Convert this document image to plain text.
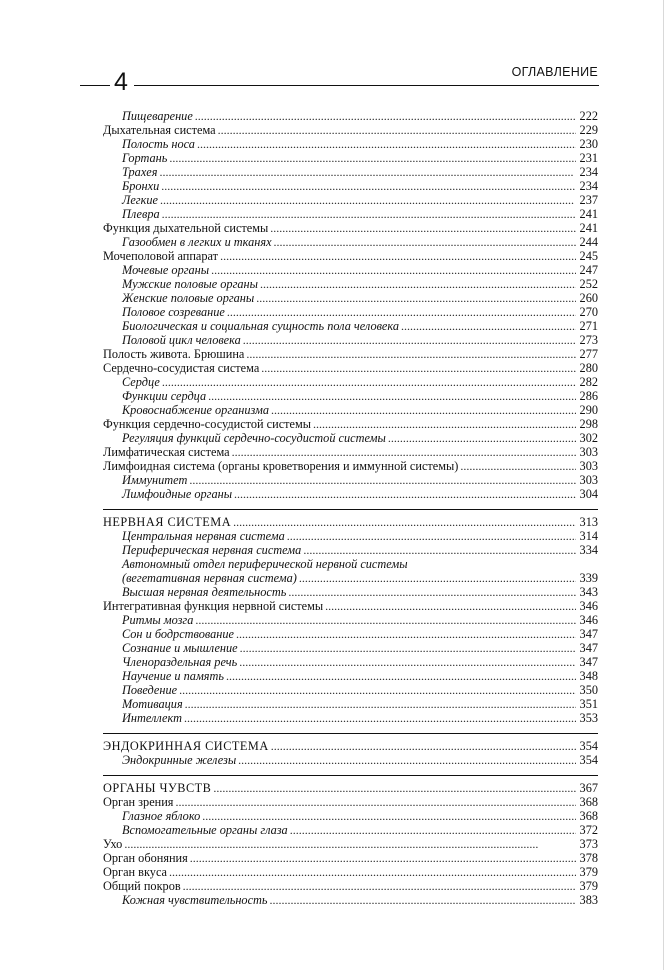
4	ОГЛАВЛЕНИЕ
Пищеварение . . .	222
Дыхательная система . . .	229
Полость носа . . .	230
Гортань . . .	231
Трахея . . .	234
Бронхи . . .	234
Легкие . . .	237
Плевра . . .	241
Функция дыхательной системы . . .	241
Газообмен в легких и тканях . . .	244
Мочеполовой аппарат . . .	245
Мочевые органы . . .	247
Мужские половые органы . . .	252
Женские половые органы . . .	260
Половое созревание . . .	270
Биологическая и социальная сущность пола человека . . .	271
Половой цикл человека . . .	273
Полость живота. Брюшина . . .	277
Сердечно-сосудистая система . . .	280
Сердце . . .	282
Функции сердца . . .	286
Кровоснабжение организма . . .	290
Функция сердечно-сосудистой системы . . .	298
Регуляция функций сердечно-сосудистой системы . . .	302
Лимфатическая система . . .	303
Лимфоидная система (органы кроветворения и иммунной системы) . . .	303
Иммунитет . . .	303
Лимфоидные органы . . .	304
НЕРВНАЯ СИСТЕМА . . .	313
Центральная нервная система . . .	314
Периферическая нервная система . . .	334
Автономный отдел периферической нервной системы
(вегетативная нервная система) . . .	339
Высшая нервная деятельность . . .	343
Интегративная функция нервной системы . . .	346
Ритмы мозга . . .	346
Сон и бодрствование . . .	347
Сознание и мышление . . .	347
Членораздельная речь . . .	347
Научение и память . . .	348
Поведение . . .	350
Мотивация . . .	351
Интеллект . . .	353
ЭНДОКРИННАЯ СИСТЕМА . . .	354
Эндокринные железы . . .	354
ОРГАНЫ ЧУВСТВ . . .	367
Орган зрения . . .	368
Глазное яблоко . . .	368
Вспомогательные органы глаза . . .	372
Ухо . . .	373
Орган обоняния . . .	378
Орган вкуса . . .	379
Общий покров . . .	379
Кожная чувствительность . . .	383
